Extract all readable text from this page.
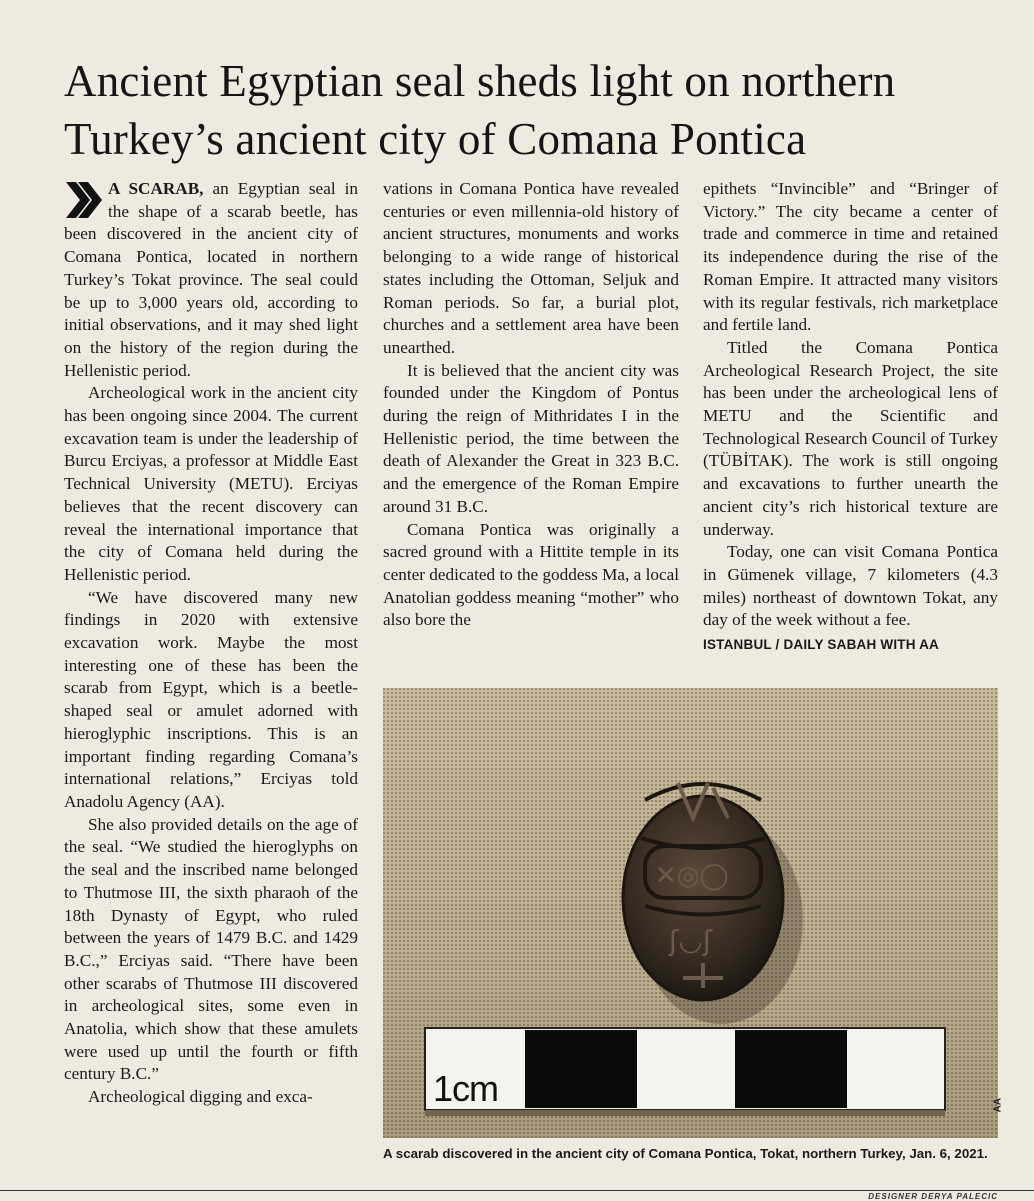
Ancient Egyptian seal sheds light on northern Turkey’s ancient city of Comana Pontica

A SCARAB, an Egyptian seal in the shape of a scarab beetle, has been discovered in the ancient city of Comana Pontica, located in northern Turkey’s Tokat province. The seal could be up to 3,000 years old, according to initial observations, and it may shed light on the history of the region during the Hellenistic period.

Archeological work in the ancient city has been ongoing since 2004. The current excavation team is under the leadership of Burcu Erciyas, a professor at Middle East Technical University (METU). Erciyas believes that the recent discovery can reveal the international importance that the city of Comana held during the Hellenistic period.

“We have discovered many new findings in 2020 with extensive excavation work. Maybe the most interesting one of these has been the scarab from Egypt, which is a beetle-shaped seal or amulet adorned with hieroglyphic inscriptions. This is an important finding regarding Comana’s international relations,” Erciyas told Anadolu Agency (AA).

She also provided details on the age of the seal. “We studied the hieroglyphs on the seal and the inscribed name belonged to Thutmose III, the sixth pharaoh of the 18th Dynasty of Egypt, who ruled between the years of 1479 B.C. and 1429 B.C.,” Erciyas said. “There have been other scarabs of Thutmose III discovered in archeological sites, some even in Anatolia, which show that these amulets were used up until the fourth or fifth century B.C.”

Archeological digging and exca-

vations in Comana Pontica have revealed centuries or even millennia-old history of ancient structures, monuments and works belonging to a wide range of historical states including the Ottoman, Seljuk and Roman periods. So far, a burial plot, churches and a settlement area have been unearthed.

It is believed that the ancient city was founded under the Kingdom of Pontus during the reign of Mithridates I in the Hellenistic period, the time between the death of Alexander the Great in 323 B.C. and the emergence of the Roman Empire around 31 B.C.

Comana Pontica was originally a sacred ground with a Hittite temple in its center dedicated to the goddess Ma, a local Anatolian goddess meaning “mother” who also bore the

epithets “Invincible” and “Bringer of Victory.” The city became a center of trade and commerce in time and retained its independence during the rise of the Roman Empire. It attracted many visitors with its regular festivals, rich marketplace and fertile land.

Titled the Comana Pontica Archeological Research Project, the site has been under the archeological lens of METU and the Scientific and Technological Research Council of Turkey (TÜBİTAK). The work is still ongoing and excavations to further unearth the ancient city’s rich historical texture are underway.

Today, one can visit Comana Pontica in Gümenek village, 7 kilometers (4.3 miles) northeast of downtown Tokat, any day of the week without a fee.

ISTANBUL / DAILY SABAH WITH AA
✕◎◯
ʃ◡ʃ
1cm	AA
A scarab discovered in the ancient city of Comana Pontica, Tokat, northern Turkey, Jan. 6, 2021.
DESIGNER DERYA PALECIC
